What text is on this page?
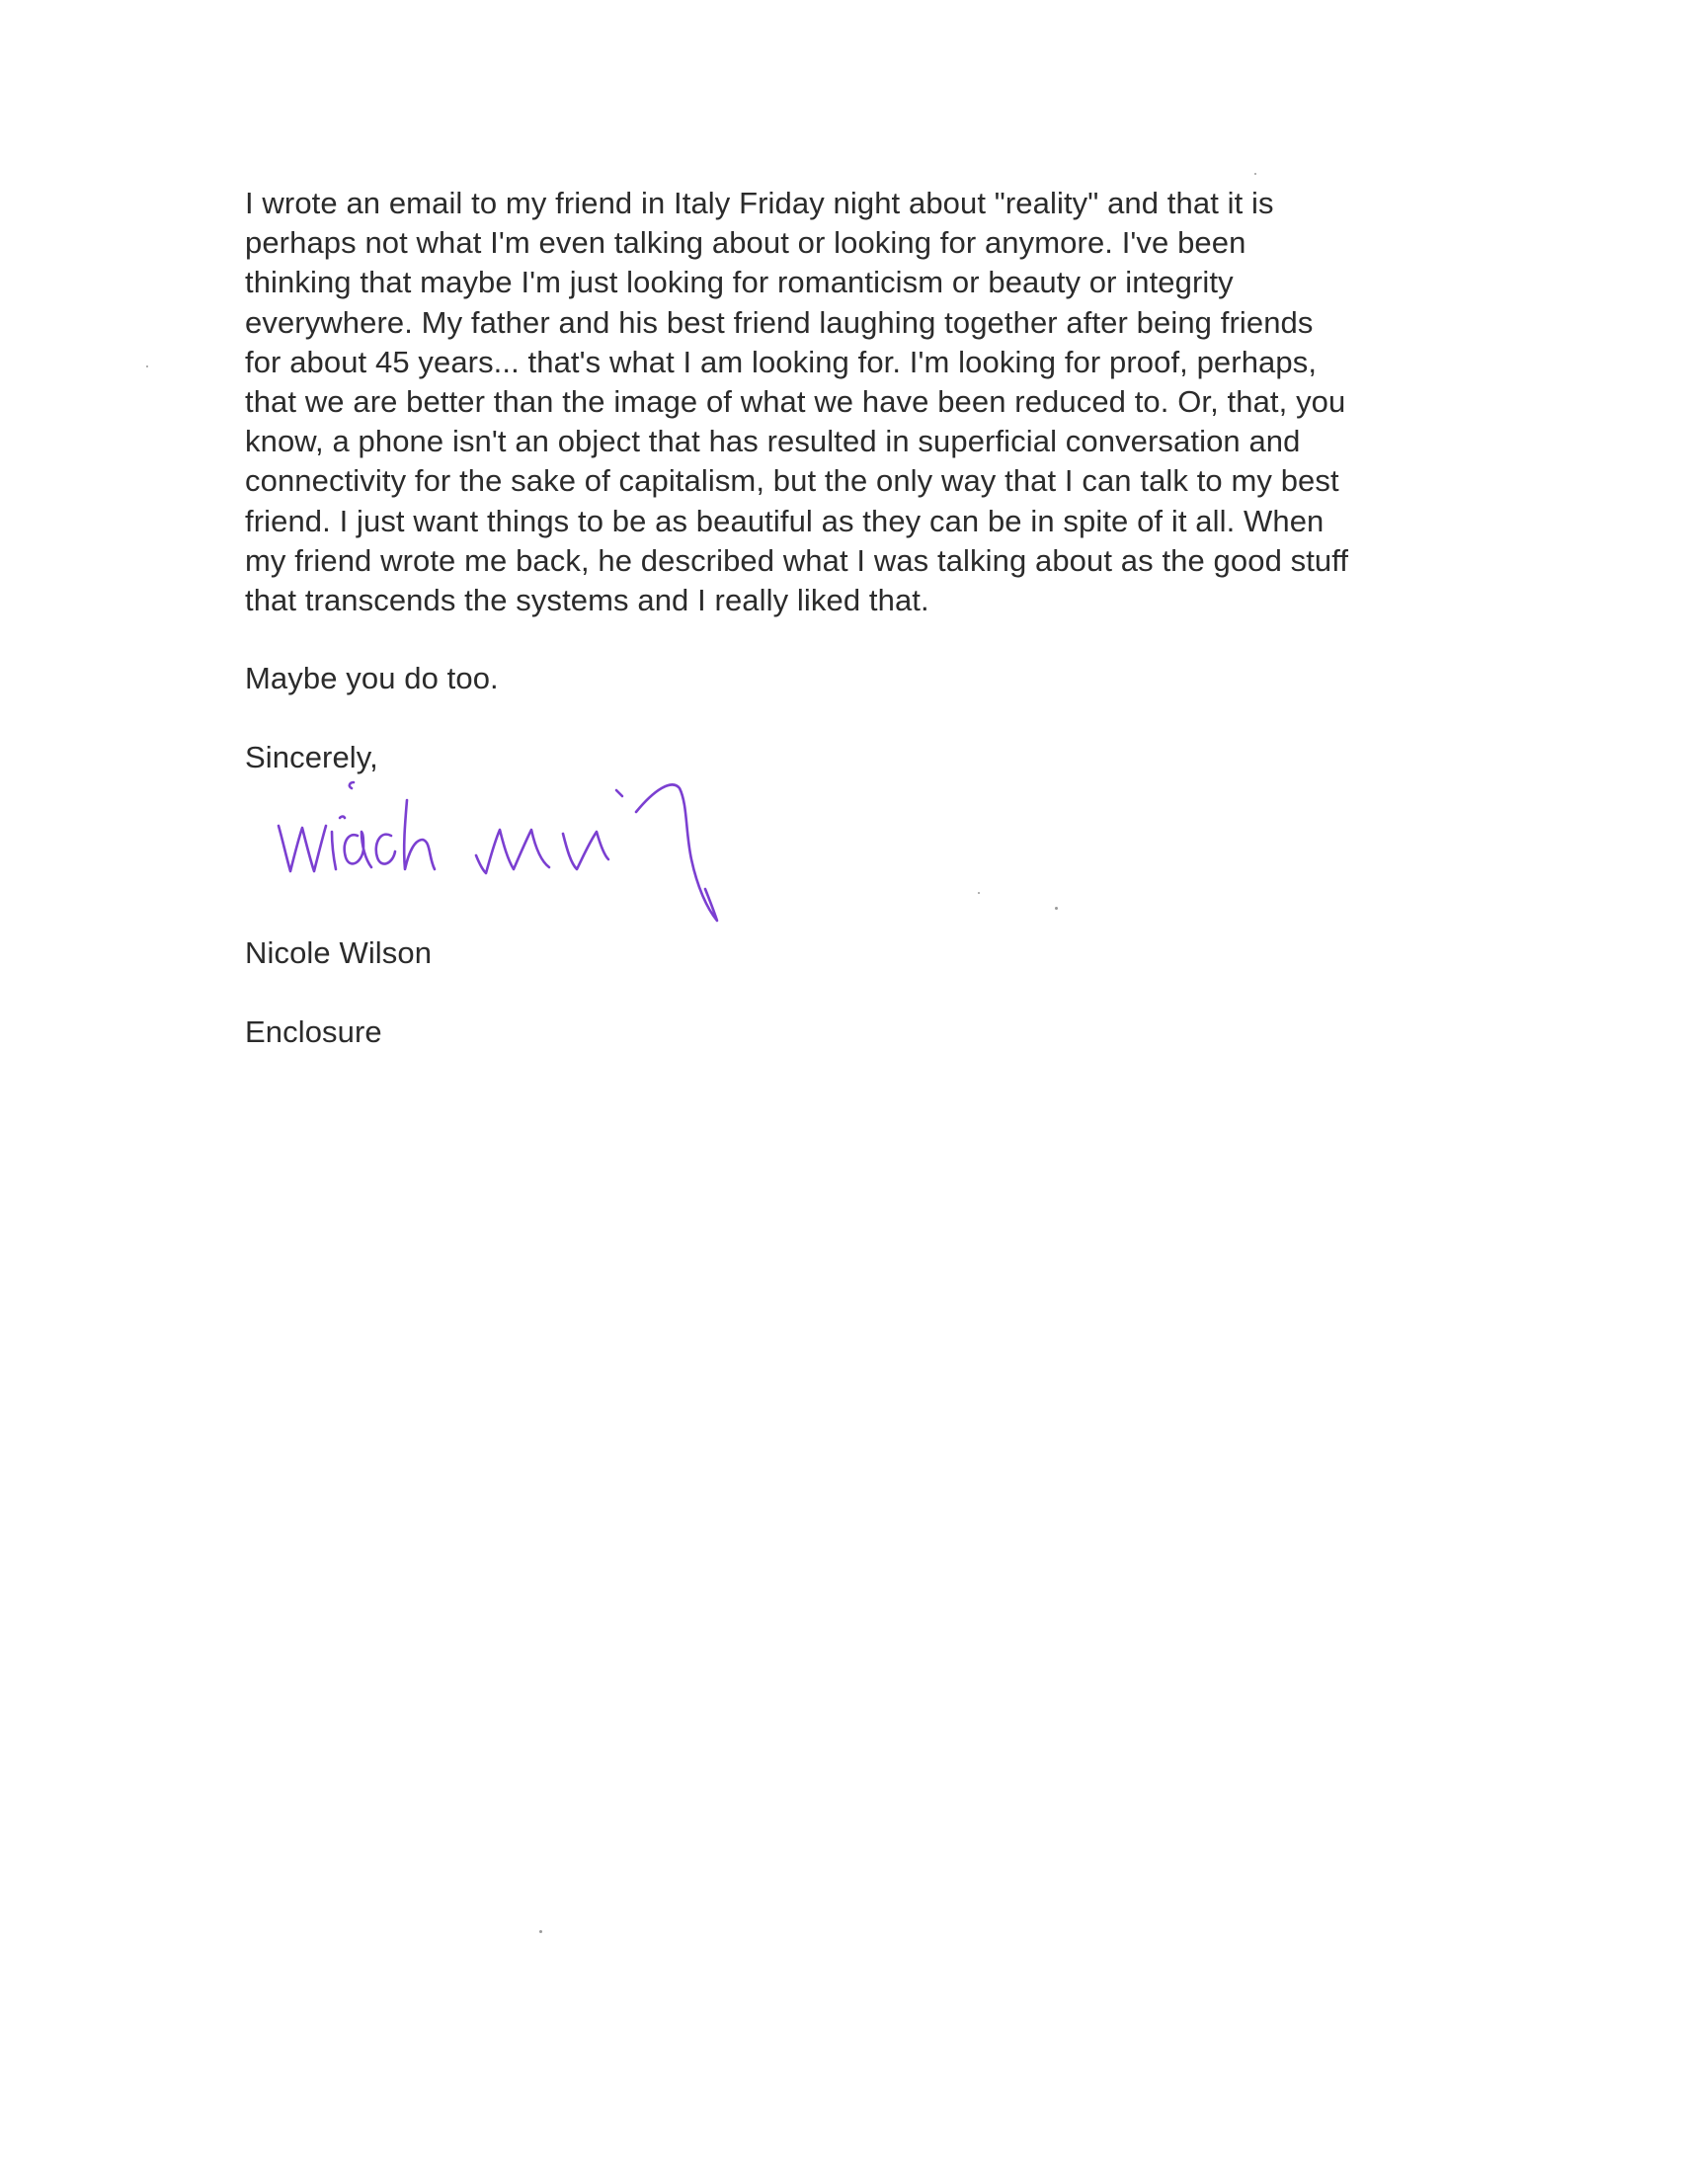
I wrote an email to my friend in Italy Friday night about "reality" and that it is
perhaps not what I'm even talking about or looking for anymore. I've been
thinking that maybe I'm just looking for romanticism or beauty or integrity
everywhere. My father and his best friend laughing together after being friends
for about 45 years... that's what I am looking for. I'm looking for proof, perhaps,
that we are better than the image of what we have been reduced to. Or, that, you
know, a phone isn't an object that has resulted in superficial conversation and
connectivity for the sake of capitalism, but the only way that I can talk to my best
friend. I just want things to be as beautiful as they can be in spite of it all. When
my friend wrote me back, he described what I was talking about as the good stuff
that transcends the systems and I really liked that.
Maybe you do too.
Sincerely,
Nicole Wilson
Enclosure
